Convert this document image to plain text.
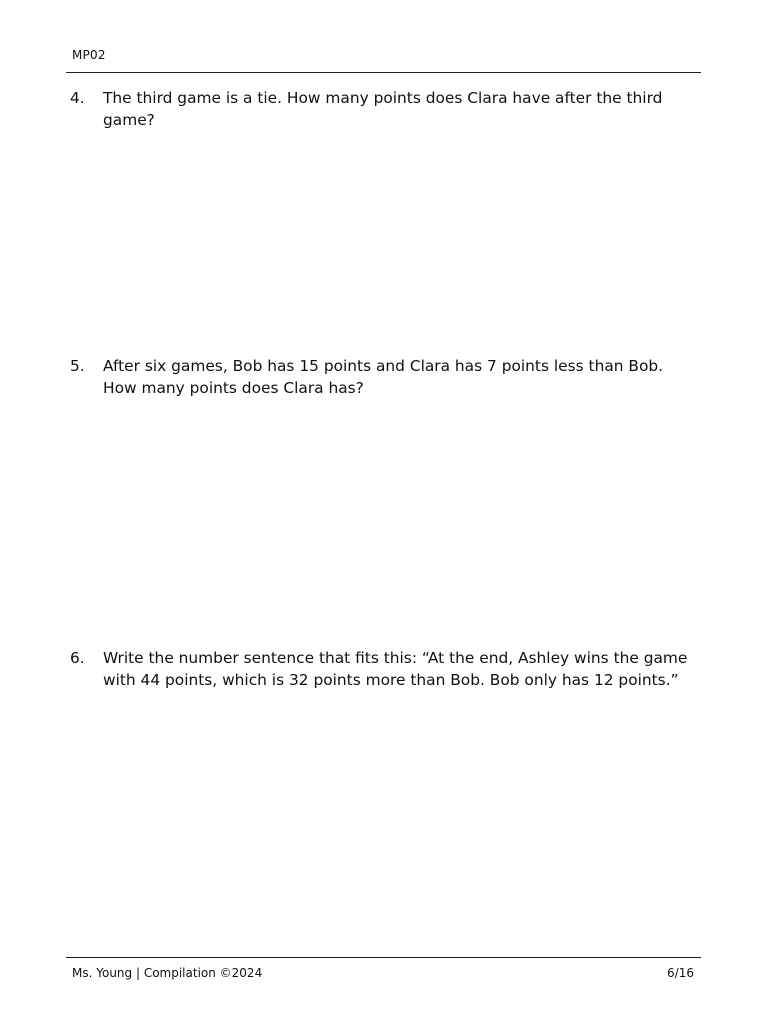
MP02
4.	The third game is a tie. How many points does Clara have after the third game?
5.	After six games, Bob has 15 points and Clara has 7 points less than Bob. How many points does Clara has?
6.	Write the number sentence that fits this: “At the end, Ashley wins the game with 44 points, which is 32 points more than Bob. Bob only has 12 points.”
Ms. Young | Compilation ©2024	6/16
